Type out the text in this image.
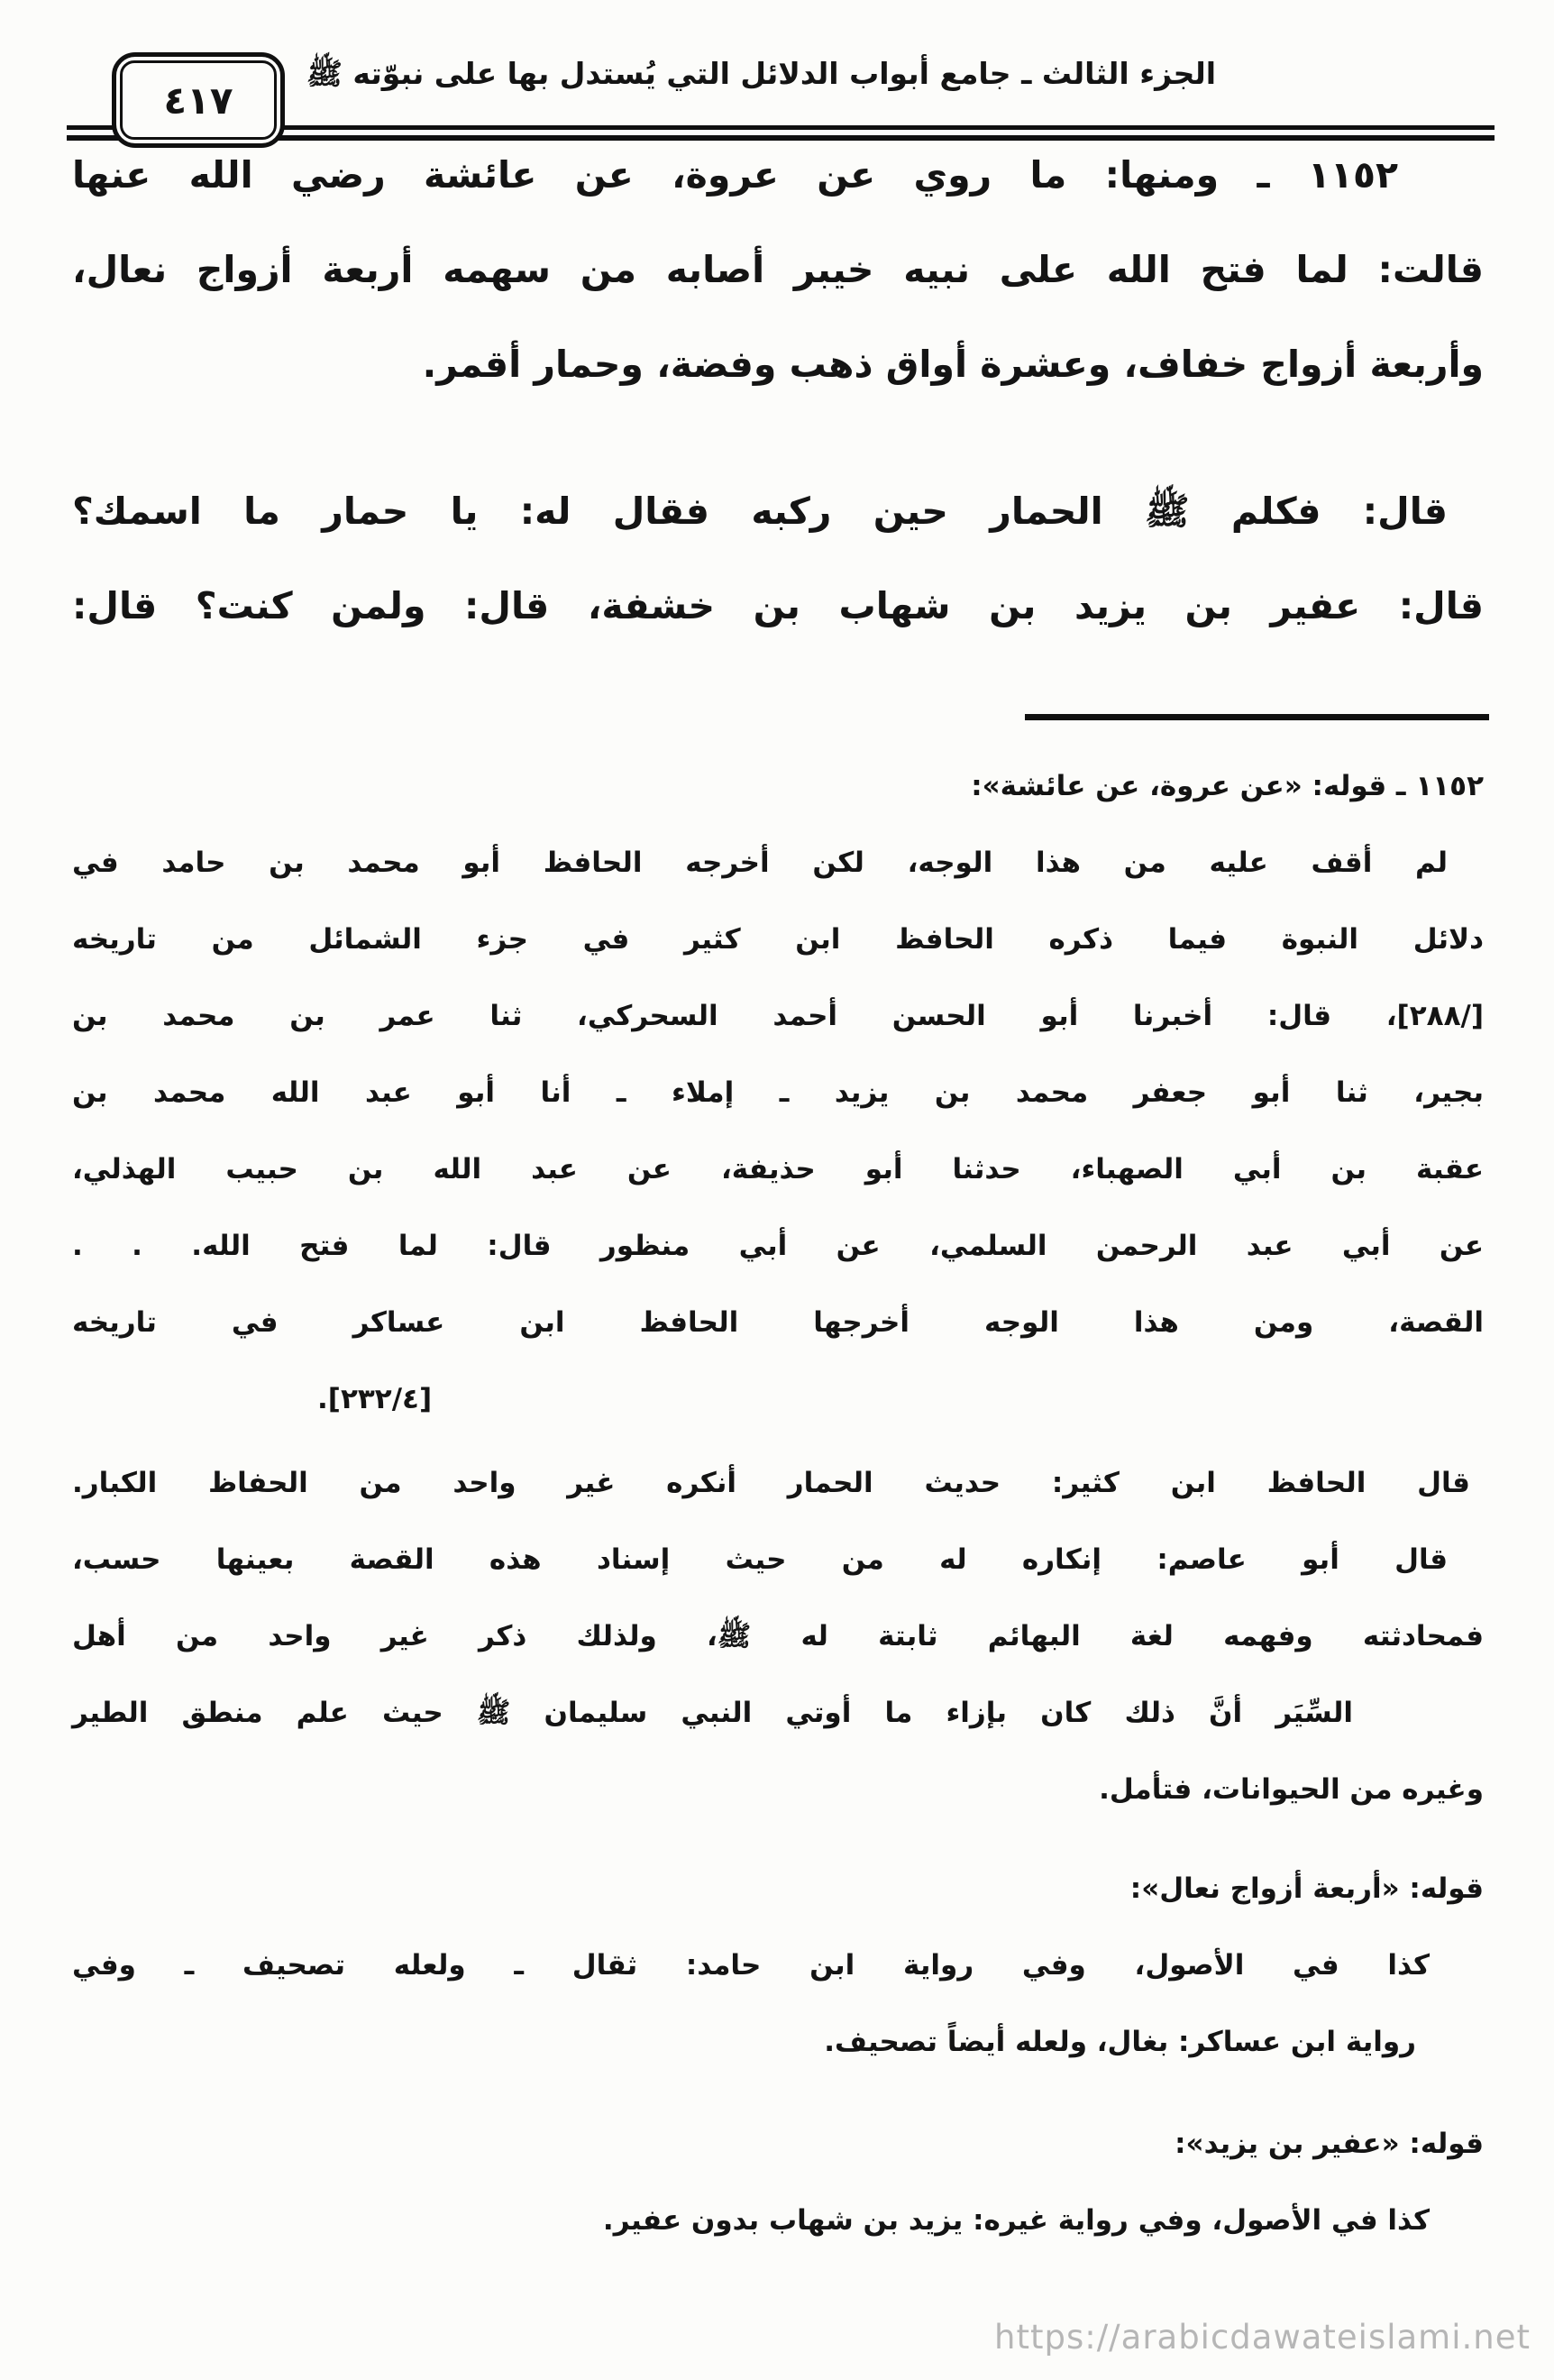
الجزء الثالث ـ جامع أبواب الدلائل التي يُستدل بها على نبوّته ﷺ
٤١٧
١١٥٢ ـ ومنها: ما روي عن عروة، عن عائشة رضي الله عنها
قالت: لما فتح الله على نبيه خيبر أصابه من سهمه أربعة أزواج نعال،
وأربعة أزواج خفاف، وعشرة أواق ذهب وفضة، وحمار أقمر.
قال: فكلم ﷺ الحمار حين ركبه فقال له: يا حمار ما اسمك؟
قال: عفير بن يزيد بن شهاب بن خشفة، قال: ولمن كنت؟ قال:
١١٥٢ ـ قوله: «عن عروة، عن عائشة»:
لم أقف عليه من هذا الوجه، لكن أخرجه الحافظ أبو محمد بن حامد في
دلائل النبوة فيما ذكره الحافظ ابن كثير في جزء الشمائل من تاريخه
[/٢٨٨]، قال: أخبرنا أبو الحسن أحمد السحركي، ثنا عمر بن محمد بن
بجير، ثنا أبو جعفر محمد بن يزيد ـ إملاء ـ أنا أبو عبد الله محمد بن
عقبة بن أبي الصهباء، حدثنا أبو حذيفة، عن عبد الله بن حبيب الهذلي،
عن أبي عبد الرحمن السلمي، عن أبي منظور قال: لما فتح الله. . .
القصة، ومن هذا الوجه أخرجها الحافظ ابن عساكر في تاريخه
[٢٣٢/٤].
قال الحافظ ابن كثير: حديث الحمار أنكره غير واحد من الحفاظ الكبار.
قال أبو عاصم: إنكاره له من حيث إسناد هذه القصة بعينها حسب،
فمحادثته وفهمه لغة البهائم ثابتة له ﷺ، ولذلك ذكر غير واحد من أهل
السِّيَر أنَّ ذلك كان بإزاء ما أوتي النبي سليمان ﷺ حيث علم منطق الطير
وغيره من الحيوانات، فتأمل.
قوله: «أربعة أزواج نعال»:
كذا في الأصول، وفي رواية ابن حامد: ثقال ـ ولعله تصحيف ـ وفي
رواية ابن عساكر: بغال، ولعله أيضاً تصحيف.
قوله: «عفير بن يزيد»:
كذا في الأصول، وفي رواية غيره: يزيد بن شهاب بدون عفير.
https://arabicdawateislami.net
